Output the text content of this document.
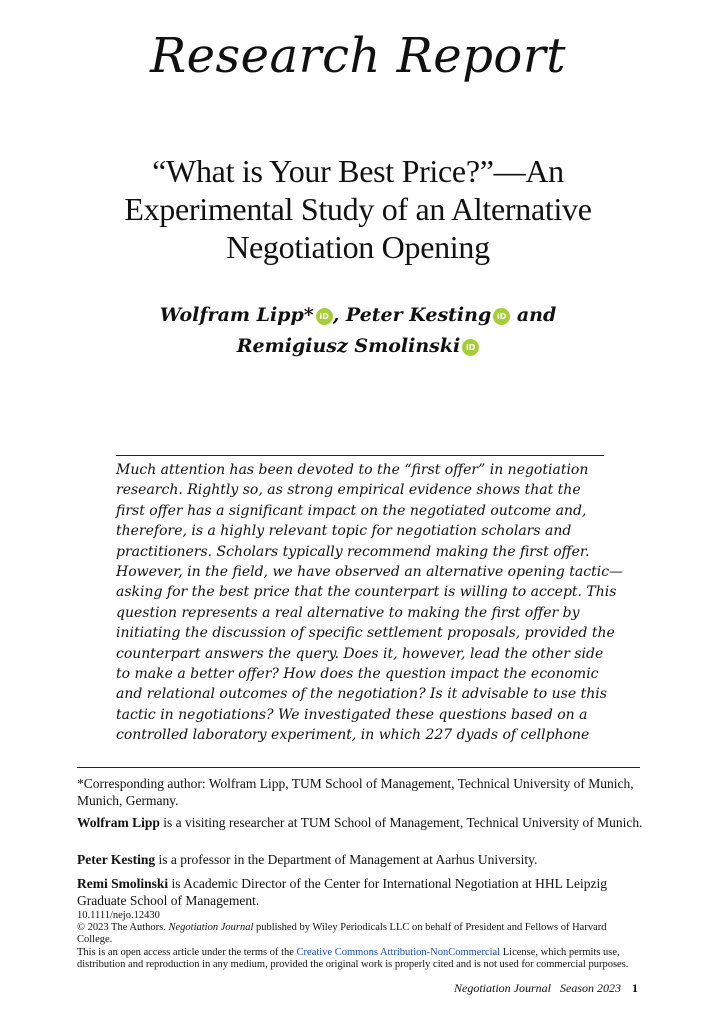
Research Report
“What is Your Best Price?”—An
Experimental Study of an Alternative
Negotiation Opening
Wolfram Lipp* iD , Peter Kesting iD and
Remigiusz Smolinski iD
Much attention has been devoted to the “first offer” in negotiation
research. Rightly so, as strong empirical evidence shows that the
first offer has a significant impact on the negotiated outcome and,
therefore, is a highly relevant topic for negotiation scholars and
practitioners. Scholars typically recommend making the first offer.
However, in the field, we have observed an alternative opening tactic—
asking for the best price that the counterpart is willing to accept. This
question represents a real alternative to making the first offer by
initiating the discussion of specific settlement proposals, provided the
counterpart answers the query. Does it, however, lead the other side
to make a better offer? How does the question impact the economic
and relational outcomes of the negotiation? Is it advisable to use this
tactic in negotiations? We investigated these questions based on a
controlled laboratory experiment, in which 227 dyads of cellphone
*Corresponding author: Wolfram Lipp, TUM School of Management, Technical University of Munich, Munich, Germany.
Wolfram Lipp is a visiting researcher at TUM School of Management, Technical University of Munich.
Peter Kesting is a professor in the Department of Management at Aarhus University.
Remi Smolinski is Academic Director of the Center for International Negotiation at HHL Leipzig Graduate School of Management.
10.1111/nejo.12430
© 2023 The Authors. Negotiation Journal published by Wiley Periodicals LLC on behalf of President and Fellows of Harvard College.
This is an open access article under the terms of the Creative Commons Attribution-NonCommercial License, which permits use, distribution and reproduction in any medium, provided the original work is properly cited and is not used for commercial purposes.
Negotiation Journal Season 2023 1
